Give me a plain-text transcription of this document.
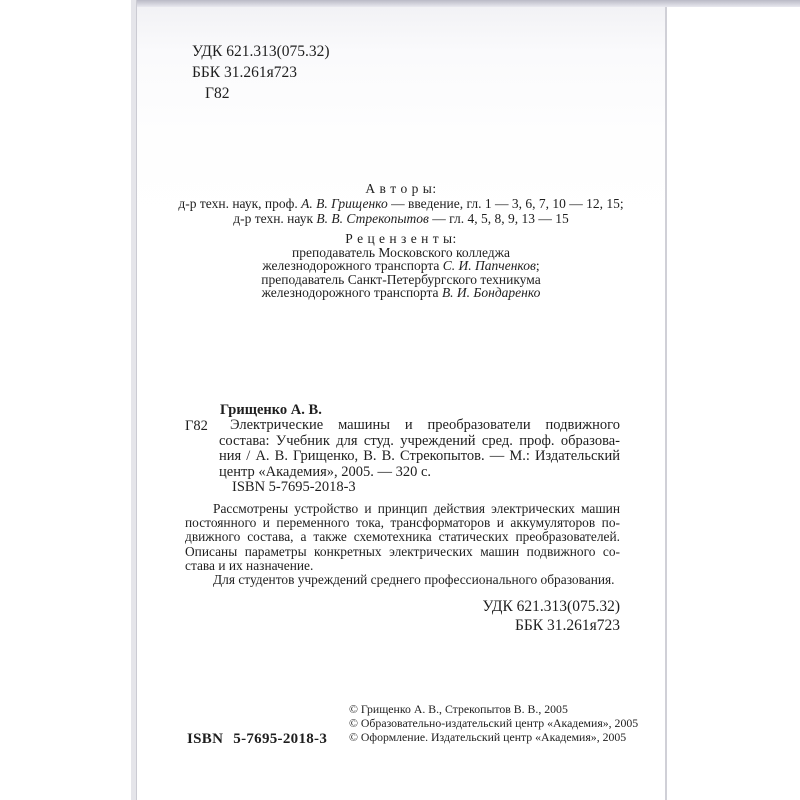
УДК 621.313(075.32)
ББК 31.261я723
Г82
А в т о р ы:
д-р техн. наук, проф. А. В. Грищенко — введение, гл. 1 — 3, 6, 7, 10 — 12, 15;
д-р техн. наук В. В. Стрекопытов — гл. 4, 5, 8, 9, 13 — 15
Р е ц е н з е н т ы:
преподаватель Московского колледжа
железнодорожного транспорта С. И. Папченков;
преподаватель Санкт-Петербургского техникума
железнодорожного транспорта В. И. Бондаренко
Грищенко А. В.
Г82	Электрические машины и преобразователи подвижного
состава: Учебник для студ. учреждений сред. проф. образова-
ния / А. В. Грищенко, В. В. Стрекопытов. — М.: Издательский
центр «Академия», 2005. — 320 с.
ISBN 5-7695-2018-3
Рассмотрены устройство и принцип действия электрических машин
постоянного и переменного тока, трансформаторов и аккумуляторов по-
движного состава, а также схемотехника статических преобразователей.
Описаны параметры конкретных электрических машин подвижного со-
става и их назначение.
Для студентов учреждений среднего профессионального образования.
УДК 621.313(075.32)
ББК 31.261я723
© Грищенко А. В., Стрекопытов В. В., 2005
© Образовательно-издательский центр «Академия», 2005
© Оформление. Издательский центр «Академия», 2005
ISBN 5-7695-2018-3
